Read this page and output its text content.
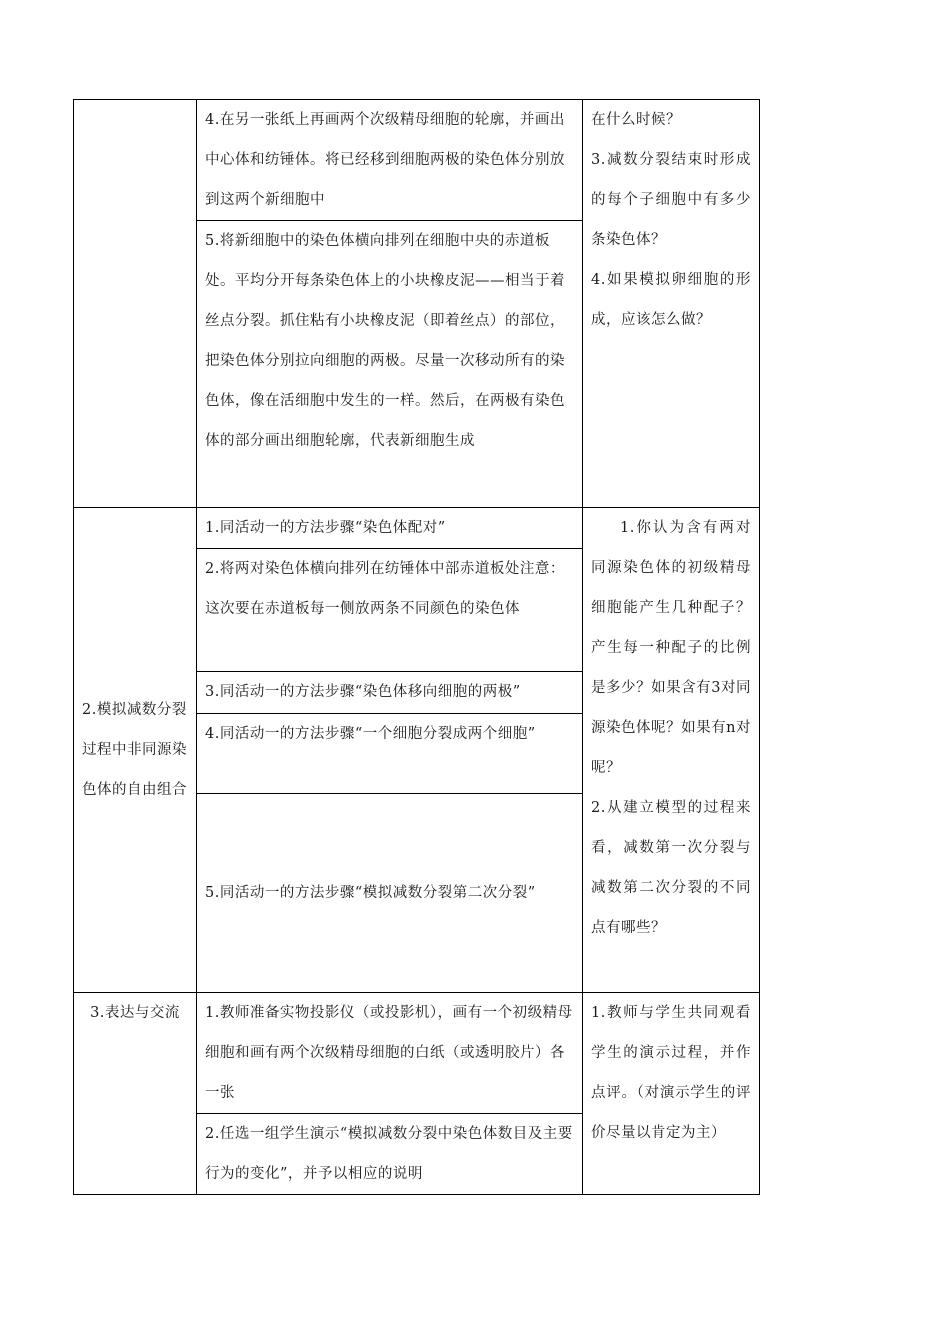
	4.在另一张纸上再画两个次级精母细胞的轮廓，并画出中心体和纺锤体。将已经移到细胞两极的染色体分别放到这两个新细胞中	在什么时候？
3.减数分裂结束时形成的每个子细胞中有多少条染色体？
4.如果模拟卵细胞的形成，应该怎么做？
	5.将新细胞中的染色体横向排列在细胞中央的赤道板处。平均分开每条染色体上的小块橡皮泥——相当于着丝点分裂。抓住粘有小块橡皮泥（即着丝点）的部位，把染色体分别拉向细胞的两极。尽量一次移动所有的染色体，像在活细胞中发生的一样。然后，在两极有染色体的部分画出细胞轮廓，代表新细胞生成	
2.模拟减数分裂过程中非同源染色体的自由组合	1.同活动一的方法步骤“染色体配对”	1.你认为含有两对同源染色体的初级精母细胞能产生几种配子？产生每一种配子的比例是多少？如果含有3对同源染色体呢？如果有n对呢？
2.从建立模型的过程来看，减数第一次分裂与减数第二次分裂的不同点有哪些？
	2.将两对染色体横向排列在纺锤体中部赤道板处注意：这次要在赤道板每一侧放两条不同颜色的染色体	
	3.同活动一的方法步骤“染色体移向细胞的两极”	
	4.同活动一的方法步骤“一个细胞分裂成两个细胞”	
	5.同活动一的方法步骤“模拟减数分裂第二次分裂”	
3.表达与交流	1.教师准备实物投影仪（或投影机），画有一个初级精母细胞和画有两个次级精母细胞的白纸（或透明胶片）各一张	1.教师与学生共同观看学生的演示过程，并作点评。（对演示学生的评价尽量以肯定为主）
	2.任选一组学生演示“模拟减数分裂中染色体数目及主要行为的变化”，并予以相应的说明	
